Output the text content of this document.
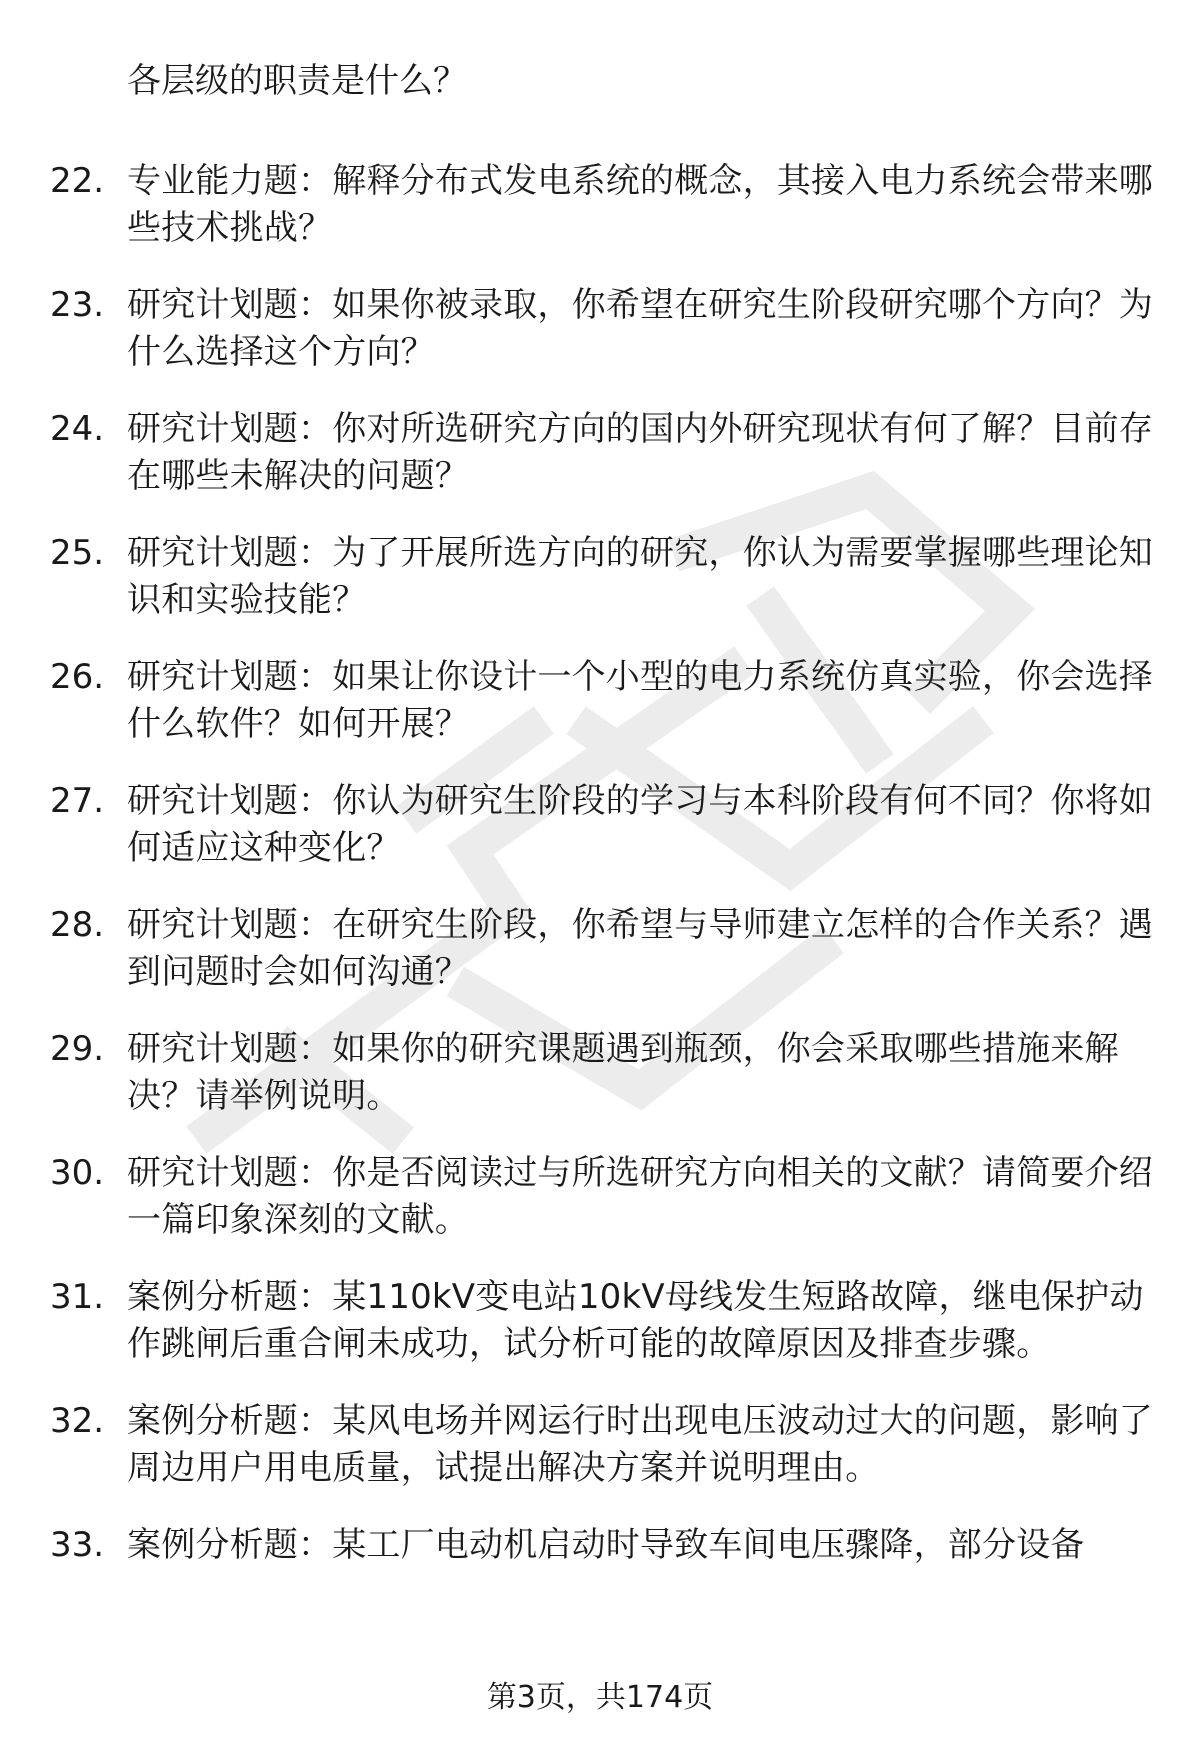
各层级的职责是什么？
22. 专业能力题：解释分布式发电系统的概念，其接入电力系统会带来哪些技术挑战？
23. 研究计划题：如果你被录取，你希望在研究生阶段研究哪个方向？为什么选择这个方向？
24. 研究计划题：你对所选研究方向的国内外研究现状有何了解？目前存在哪些未解决的问题？
25. 研究计划题：为了开展所选方向的研究，你认为需要掌握哪些理论知识和实验技能？
26. 研究计划题：如果让你设计一个小型的电力系统仿真实验，你会选择什么软件？如何开展？
27. 研究计划题：你认为研究生阶段的学习与本科阶段有何不同？你将如何适应这种变化？
28. 研究计划题：在研究生阶段，你希望与导师建立怎样的合作关系？遇到问题时会如何沟通？
29. 研究计划题：如果你的研究课题遇到瓶颈，你会采取哪些措施来解决？请举例说明。
30. 研究计划题：你是否阅读过与所选研究方向相关的文献？请简要介绍一篇印象深刻的文献。
31. 案例分析题：某110kV变电站10kV母线发生短路故障，继电保护动作跳闸后重合闸未成功，试分析可能的故障原因及排查步骤。
32. 案例分析题：某风电场并网运行时出现电压波动过大的问题，影响了周边用户用电质量，试提出解决方案并说明理由。
33. 案例分析题：某工厂电动机启动时导致车间电压骤降，部分设备
第3页，共174页
